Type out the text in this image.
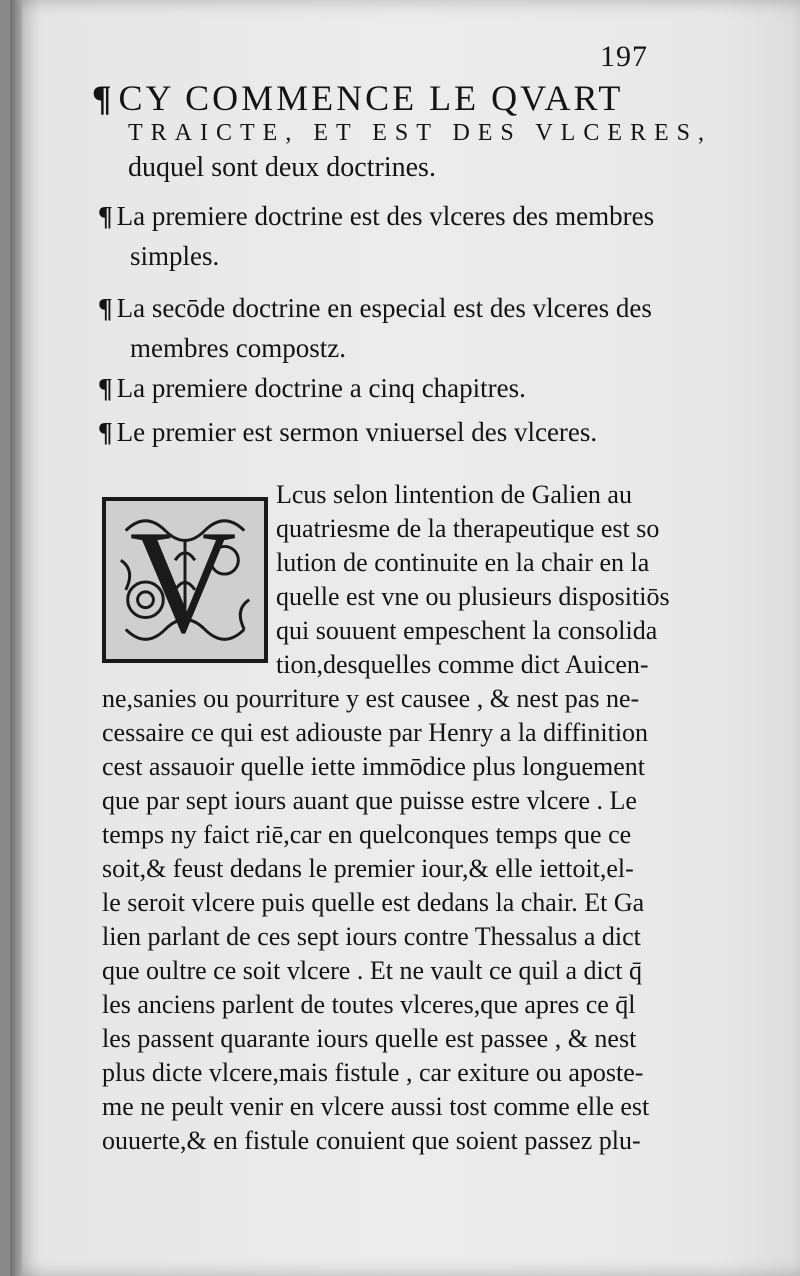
197
¶ CY COMMENCE LE QVART
TRAICTE, ET EST DES VLCERES,
duquel sont deux doctrines.
¶ La premiere doctrine est des vlceres des membres
simples.
¶ La secōde doctrine en especial est des vlceres des
membres compostz.
¶ La premiere doctrine a cinq chapitres.
¶ Le premier est sermon vniuersel des vlceres.
V
Lcus selon lintention de Galien au
quatriesme de la therapeutique est so
lution de continuite en la chair en la
quelle est vne ou plusieurs dispositiōs
qui souuent empeschent la consolida
tion,desquelles comme dict Auicen-
ne,sanies ou pourriture y est causee , & nest pas ne-
cessaire ce qui est adiouste par Henry a la diffinition
cest assauoir quelle iette immōdice plus longuement
que par sept iours auant que puisse estre vlcere . Le
temps ny faict riē,car en quelconques temps que ce
soit,& feust dedans le premier iour,& elle iettoit,el-
le seroit vlcere puis quelle est dedans la chair. Et Ga
lien parlant de ces sept iours contre Thessalus a dict
que oultre ce soit vlcere . Et ne vault ce quil a dict q̄
les anciens parlent de toutes vlceres,que apres ce q̄l
les passent quarante iours quelle est passee , & nest
plus dicte vlcere,mais fistule , car exiture ou aposte-
me ne peult venir en vlcere aussi tost comme elle est
ouuerte,& en fistule conuient que soient passez plu-
